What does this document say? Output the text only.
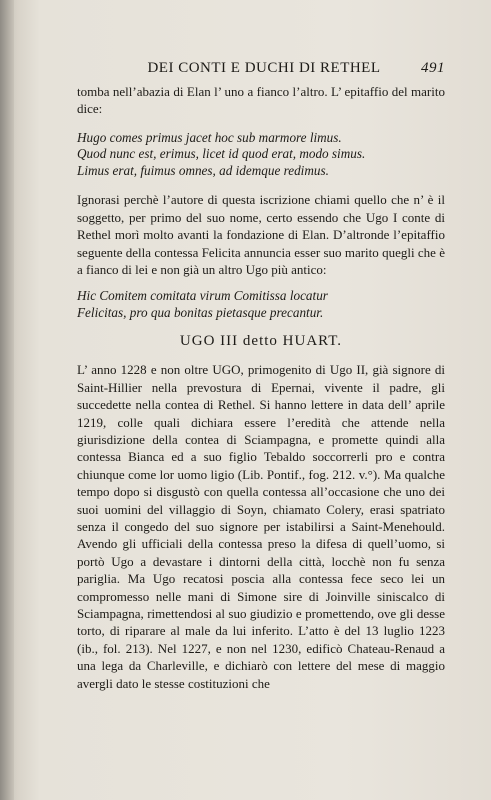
DEI CONTI E DUCHI DI RETHEL	491

tomba nell’abazia di Elan l’ uno a fianco l’altro. L’ epitaffio del marito dice:

Hugo comes primus jacet hoc sub marmore limus.
Quod nunc est, erimus, licet id quod erat, modo simus.
Limus erat, fuimus omnes, ad idemque redimus.

Ignorasi perchè l’autore di questa iscrizione chiami quello che n’ è il soggetto, per primo del suo nome, certo essendo che Ugo I conte di Rethel morì molto avanti la fondazione di Elan. D’altronde l’epitaffio seguente della contessa Felicita annuncia esser suo marito quegli che è a fianco di lei e non già un altro Ugo più antico:

Hic Comitem comitata virum Comitissa locatur
Felicitas, pro qua bonitas pietasque precantur.
UGO III detto HUART.

L’ anno 1228 e non oltre UGO, primogenito di Ugo II, già signore di Saint-Hillier nella prevostura di Epernai, vivente il padre, gli succedette nella contea di Rethel. Si hanno lettere in data dell’ aprile 1219, colle quali dichiara essere l’eredità che attende nella giurisdizione della contea di Sciampagna, e promette quindi alla contessa Bianca ed a suo figlio Tebaldo soccorrerli pro e contra chiunque come lor uomo ligio (Lib. Pontif., fog. 212. v.°). Ma qualche tempo dopo si disgustò con quella contessa all’occasione che uno dei suoi uomini del villaggio di Soyn, chiamato Colery, erasi spatriato senza il congedo del suo signore per istabilirsi a Saint-Menehould. Avendo gli ufficiali della contessa preso la difesa di quell’uomo, si portò Ugo a devastare i dintorni della città, locchè non fu senza pariglia. Ma Ugo recatosi poscia alla contessa fece seco lei un compromesso nelle mani di Simone sire di Joinville siniscalco di Sciampagna, rimettendosi al suo giudizio e promettendo, ove gli desse torto, di riparare al male da lui inferito. L’atto è del 13 luglio 1223 (ib., fol. 213). Nel 1227, e non nel 1230, edificò Chateau-Renaud a una lega da Charleville, e dichiarò con lettere del mese di maggio avergli dato le stesse costituzioni che
